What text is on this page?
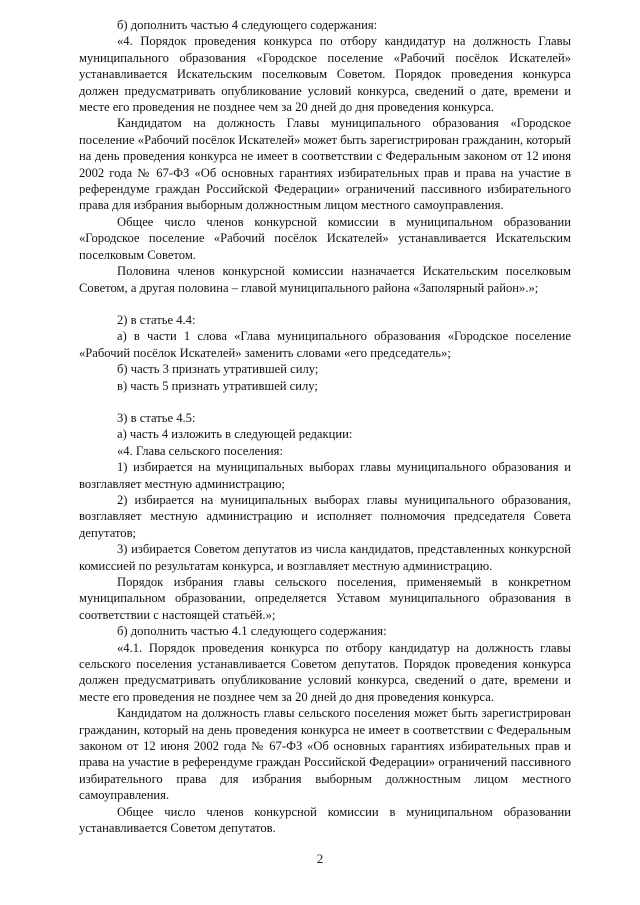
б) дополнить частью 4 следующего содержания:

«4. Порядок проведения конкурса по отбору кандидатур на должность Главы муниципального образования «Городское поселение «Рабочий посёлок Искателей» устанавливается Искательским поселковым Советом. Порядок проведения конкурса должен предусматривать опубликование условий конкурса, сведений о дате, времени и месте его проведения не позднее чем за 20 дней до дня проведения конкурса.

Кандидатом на должность Главы муниципального образования «Городское поселение «Рабочий посёлок Искателей» может быть зарегистрирован гражданин, который на день проведения конкурса не имеет в соответствии с Федеральным законом от 12 июня 2002 года № 67-ФЗ «Об основных гарантиях избирательных прав и права на участие в референдуме граждан Российской Федерации» ограничений пассивного избирательного права для избрания выборным должностным лицом местного самоуправления.

Общее число членов конкурсной комиссии в муниципальном образовании «Городское поселение «Рабочий посёлок Искателей» устанавливается Искательским поселковым Советом.

Половина членов конкурсной комиссии назначается Искательским поселковым Советом, а другая половина – главой муниципального района «Заполярный район».»;

2) в статье 4.4:

а) в части 1 слова «Глава муниципального образования «Городское поселение «Рабочий посёлок Искателей» заменить словами «его председатель»;

б) часть 3 признать утратившей силу;

в) часть 5 признать утратившей силу;

3) в статье 4.5:

а) часть 4 изложить в следующей редакции:

«4. Глава сельского поселения:

1) избирается на муниципальных выборах главы муниципального образования и возглавляет местную администрацию;

2) избирается на муниципальных выборах главы муниципального образования, возглавляет местную администрацию и исполняет полномочия председателя Совета депутатов;

3) избирается Советом депутатов из числа кандидатов, представленных конкурсной комиссией по результатам конкурса, и возглавляет местную администрацию.

Порядок избрания главы сельского поселения, применяемый в конкретном муниципальном образовании, определяется Уставом муниципального образования в соответствии с настоящей статьёй.»;

б) дополнить частью 4.1 следующего содержания:

«4.1. Порядок проведения конкурса по отбору кандидатур на должность главы сельского поселения устанавливается Советом депутатов. Порядок проведения конкурса должен предусматривать опубликование условий конкурса, сведений о дате, времени и месте его проведения не позднее чем за 20 дней до дня проведения конкурса.

Кандидатом на должность главы сельского поселения может быть зарегистрирован гражданин, который на день проведения конкурса не имеет в соответствии с Федеральным законом от 12 июня 2002 года № 67-ФЗ «Об основных гарантиях избирательных прав и права на участие в референдуме граждан Российской Федерации» ограничений пассивного избирательного права для избрания выборным должностным лицом местного самоуправления.

Общее число членов конкурсной комиссии в муниципальном образовании устанавливается Советом депутатов.

2
